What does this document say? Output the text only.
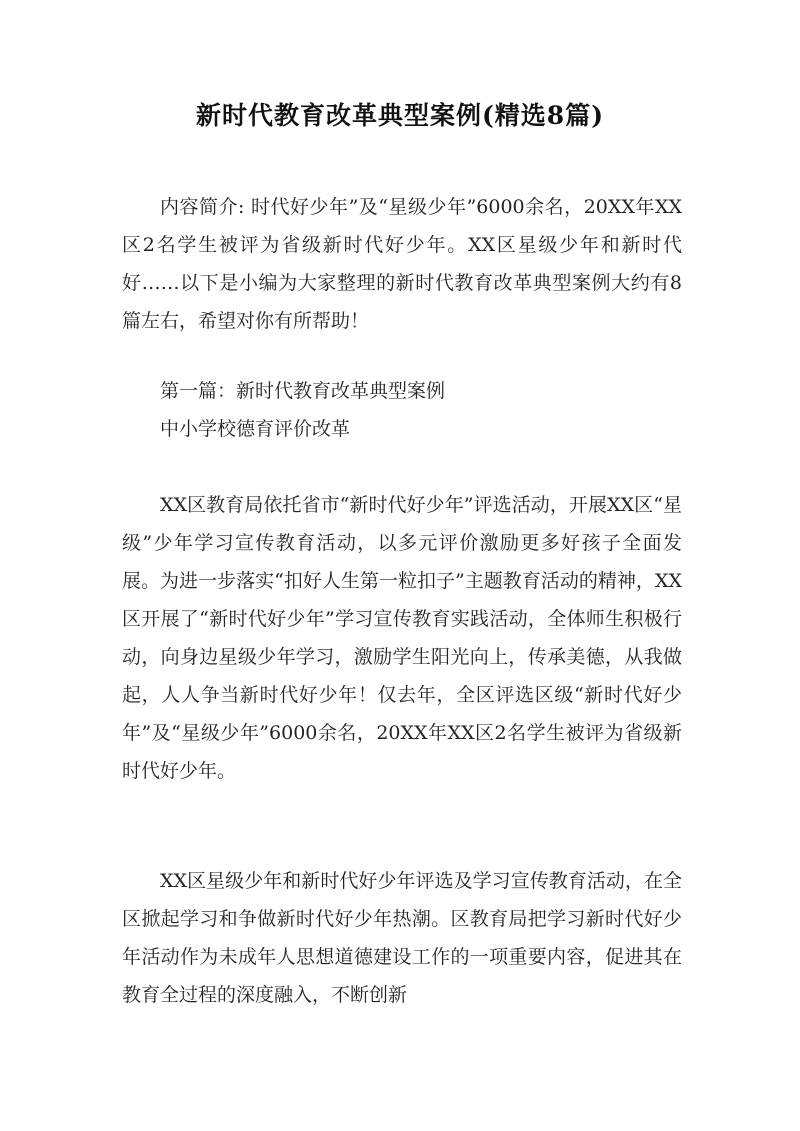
新时代教育改革典型案例(精选8篇)

内容简介: 时代好少年”及“星级少年”6000余名，20XX年XX区2名学生被评为省级新时代好少年。XX区星级少年和新时代好……以下是小编为大家整理的新时代教育改革典型案例大约有8篇左右，希望对你有所帮助！

第一篇：新时代教育改革典型案例
中小学校德育评价改革

XX区教育局依托省市“新时代好少年”评选活动，开展XX区“星级”少年学习宣传教育活动，以多元评价激励更多好孩子全面发展。为进一步落实“扣好人生第一粒扣子”主题教育活动的精神，XX区开展了“新时代好少年”学习宣传教育实践活动，全体师生积极行动，向身边星级少年学习，激励学生阳光向上，传承美德，从我做起，人人争当新时代好少年！仅去年，全区评选区级“新时代好少年”及“星级少年”6000余名，20XX年XX区2名学生被评为省级新时代好少年。

XX区星级少年和新时代好少年评选及学习宣传教育活动，在全区掀起学习和争做新时代好少年热潮。区教育局把学习新时代好少年活动作为未成年人思想道德建设工作的一项重要内容，促进其在教育全过程的深度融入，不断创新
